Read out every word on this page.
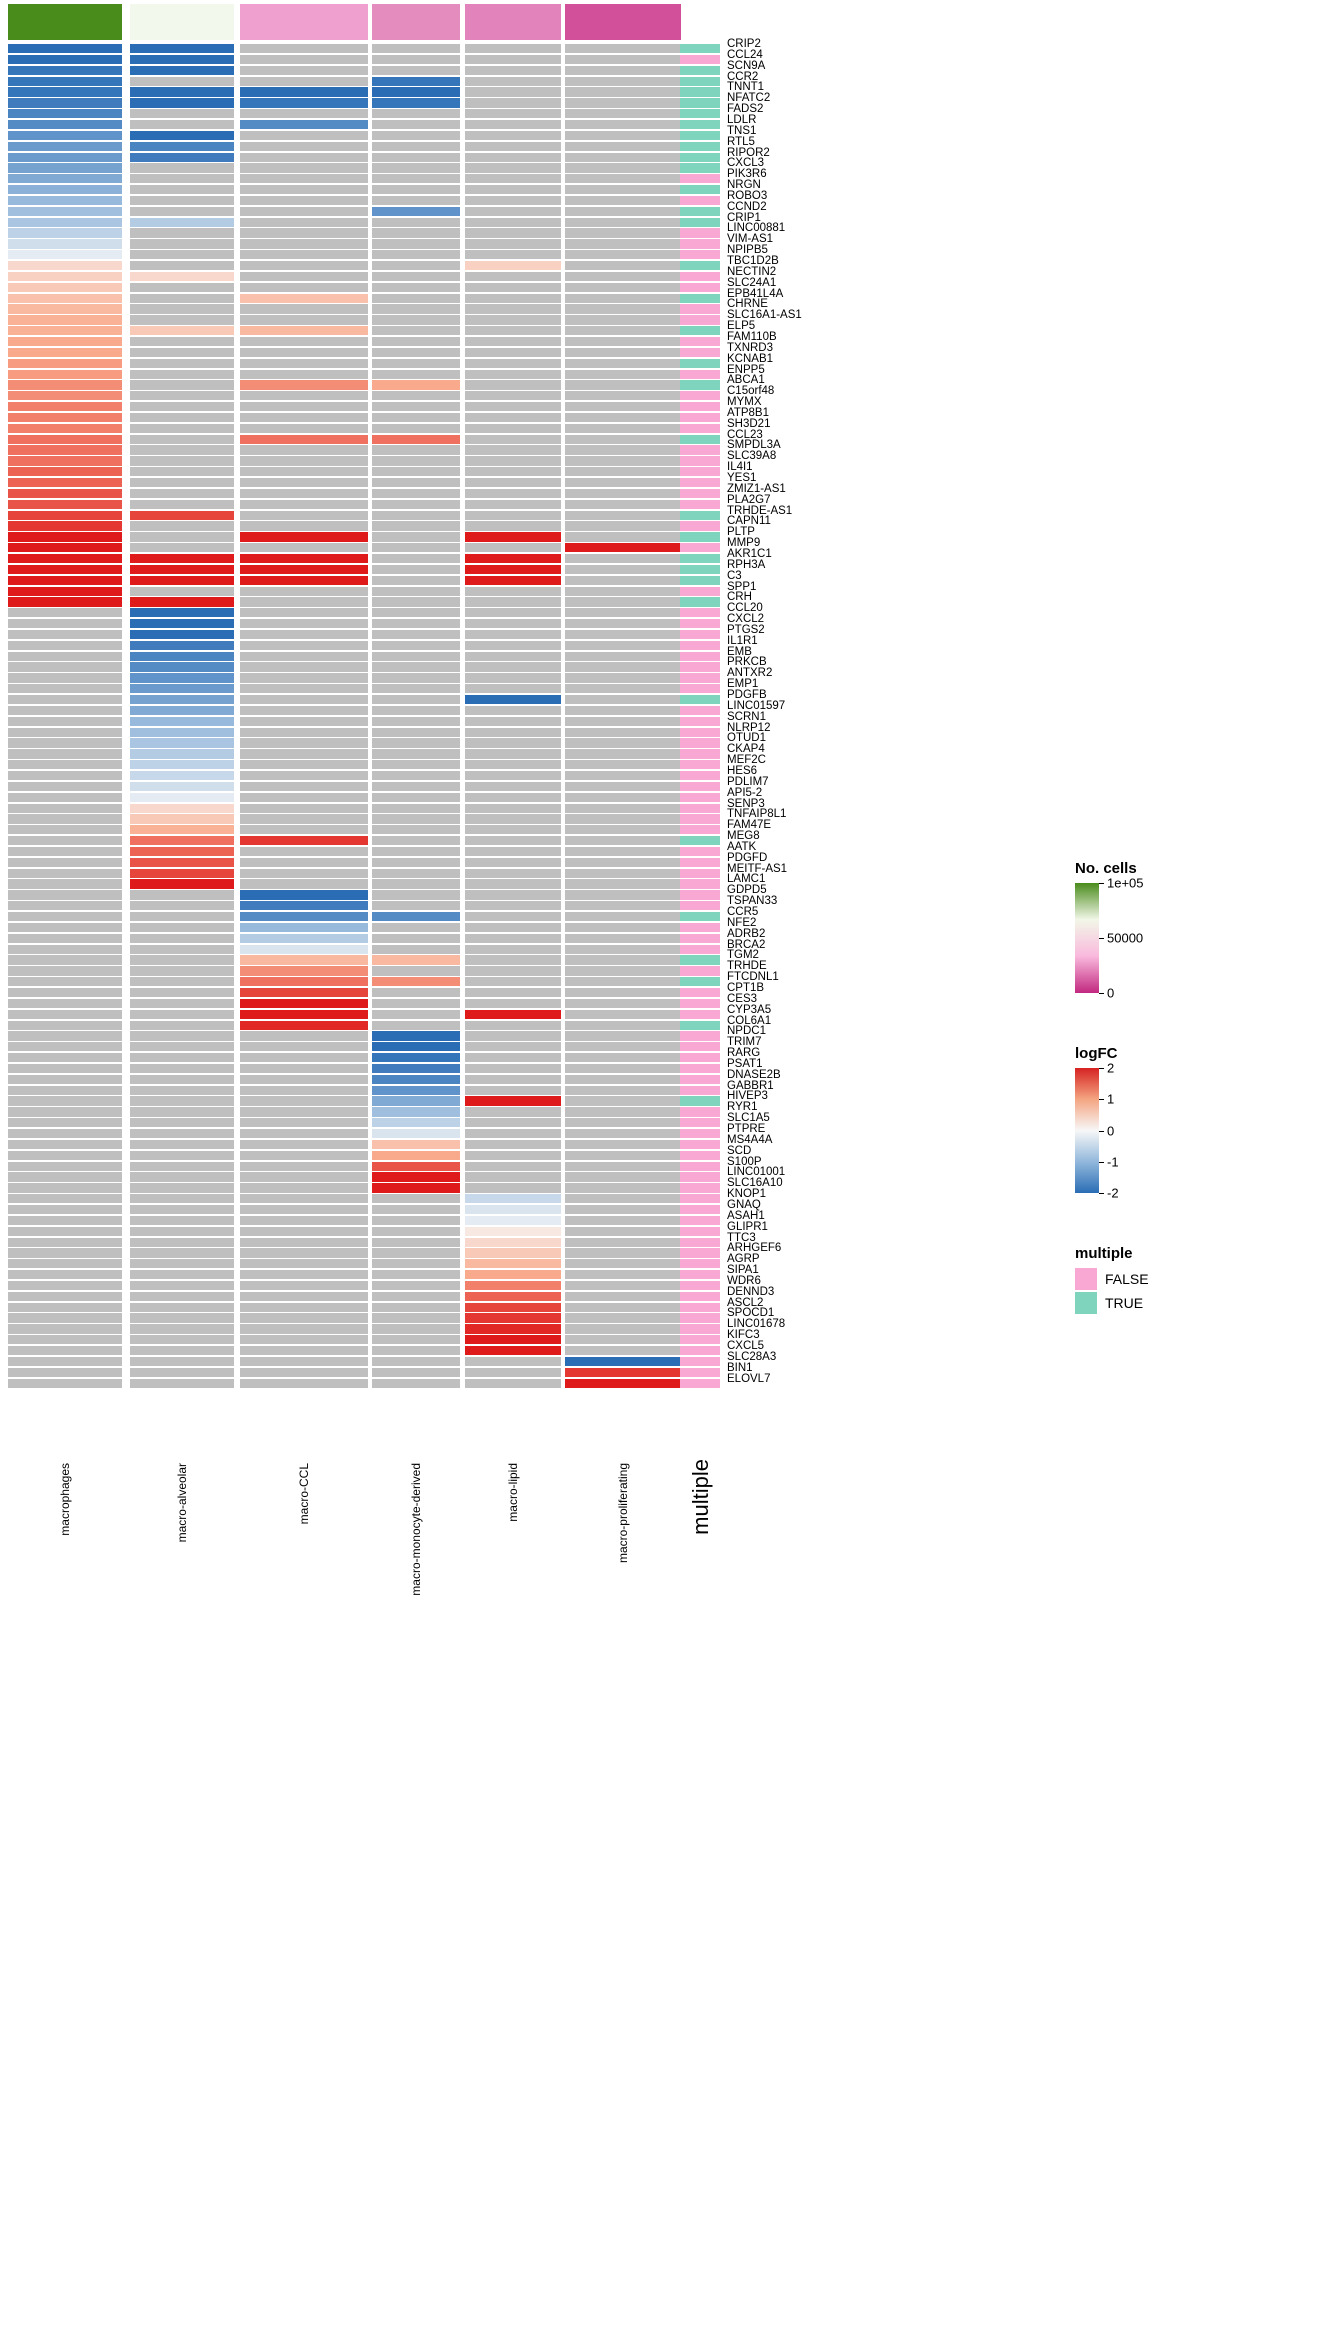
CRIP2
CCL24
SCN9A
CCR2
TNNT1
NFATC2
FADS2
LDLR
TNS1
RTL5
RIPOR2
CXCL3
PIK3R6
NRGN
ROBO3
CCND2
CRIP1
LINC00881
VIM-AS1
NPIPB5
TBC1D2B
NECTIN2
SLC24A1
EPB41L4A
CHRNE
SLC16A1-AS1
ELP5
FAM110B
TXNRD3
KCNAB1
ENPP5
ABCA1
C15orf48
MYMX
ATP8B1
SH3D21
CCL23
SMPDL3A
SLC39A8
IL4I1
YES1
ZMIZ1-AS1
PLA2G7
TRHDE-AS1
CAPN11
PLTP
MMP9
AKR1C1
RPH3A
C3
SPP1
CRH
CCL20
CXCL2
PTGS2
IL1R1
EMB
PRKCB
ANTXR2
EMP1
PDGFB
LINC01597
SCRN1
NLRP12
OTUD1
CKAP4
MEF2C
HES6
PDLIM7
API5-2
SENP3
TNFAIP8L1
FAM47E
MEG8
AATK
PDGFD
MEITF-AS1
LAMC1
GDPD5
TSPAN33
CCR5
NFE2
ADRB2
BRCA2
TGM2
TRHDE
FTCDNL1
CPT1B
CES3
CYP3A5
COL6A1
NPDC1
TRIM7
RARG
PSAT1
DNASE2B
GABBR1
HIVEP3
RYR1
SLC1A5
PTPRE
MS4A4A
SCD
S100P
LINC01001
SLC16A10
KNOP1
GNAQ
ASAH1
GLIPR1
TTC3
ARHGEF6
AGRP
SIPA1
WDR6
DENND3
ASCL2
SPOCD1
LINC01678
KIFC3
CXCL5
SLC28A3
BIN1
ELOVL7
macrophages	macro-alveolar	macro-CCL	macro-monocyte-derived	macro-lipid	macro-proliferating	multiple
No. cells
1e+05
50000
0
logFC
2
1
0
-1
-2
multiple
FALSE
TRUE
